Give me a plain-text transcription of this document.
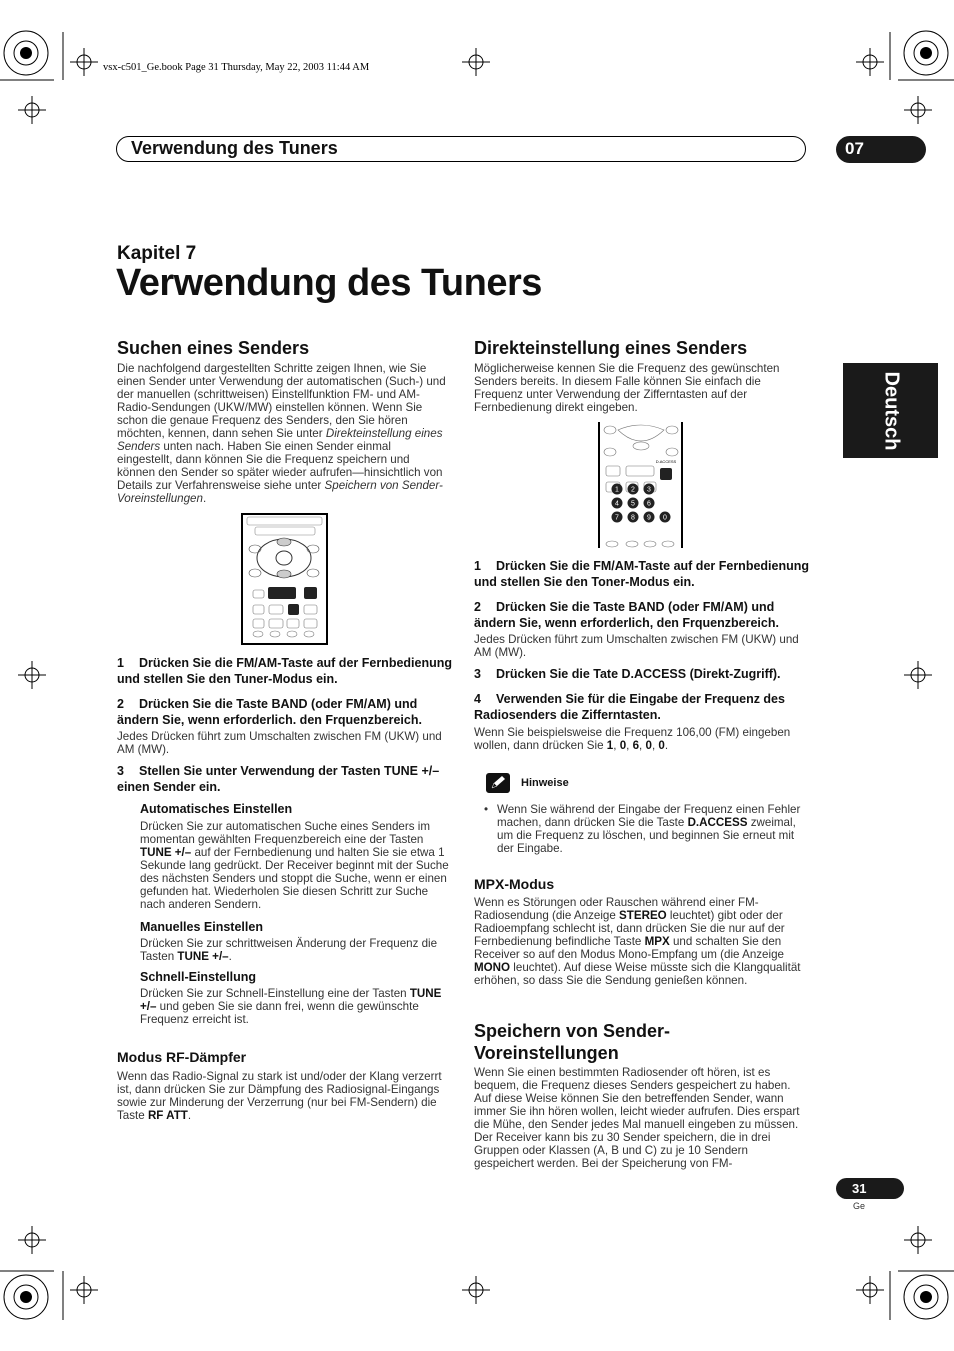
vsx-c501_Ge.book Page 31 Thursday, May 22, 2003 11:44 AM
Verwendung des Tuners	07
Kapitel 7
Verwendung des Tuners
Deutsch
Suchen eines Senders

Die nachfolgend dargestellten Schritte zeigen Ihnen, wie Sie einen Sender unter Verwendung der automatischen (Such-) und der manuellen (schrittweisen) Einstellfunktion FM- und AM-Radio-Sendungen (UKW/MW) einstellen können. Wenn Sie schon die genaue Frequenz des Senders, den Sie hören möchten, kennen, dann sehen Sie unter Direkteinstellung eines Senders unten nach. Haben Sie einen Sender einmal eingestellt, dann können Sie die Frequenz speichern und können den Sender so später wieder aufrufen—hinsichtlich von Details zur Verfahrensweise siehe unter Speichern von Sender-Voreinstellungen.

1 Drücken Sie die FM/AM-Taste auf der Fernbedienung und stellen Sie den Tuner-Modus ein.

2 Drücken Sie die Taste BAND (oder FM/AM) und ändern Sie, wenn erforderlich. den Frquenzbereich.

Jedes Drücken führt zum Umschalten zwischen FM (UKW) und AM (MW).

3 Stellen Sie unter Verwendung der Tasten TUNE +/– einen Sender ein.

Automatisches Einstellen

Drücken Sie zur automatischen Suche eines Senders im momentan gewählten Frequenzbereich eine der Tasten TUNE +/– auf der Fernbedienung und halten Sie sie etwa 1 Sekunde lang gedrückt. Der Receiver beginnt mit der Suche des nächsten Senders und stoppt die Suche, wenn er einen gefunden hat. Wiederholen Sie diesen Schritt zur Suche nach anderen Sendern.

Manuelles Einstellen

Drücken Sie zur schrittweisen Änderung der Frequenz die Tasten TUNE +/–.

Schnell-Einstellung

Drücken Sie zur Schnell-Einstellung eine der Tasten TUNE +/– und geben Sie sie dann frei, wenn die gewünschte Frequenz erreicht ist.

Modus RF-Dämpfer

Wenn das Radio-Signal zu stark ist und/oder der Klang verzerrt ist, dann drücken Sie zur Dämpfung des Radiosignal-Eingangs sowie zur Minderung der Verzerrung (nur bei FM-Sendern) die Taste RF ATT.

Direkteinstellung eines Senders

Möglicherweise kennen Sie die Frequenz des gewünschten Senders bereits. In diesem Falle können Sie einfach die Frequenz unter Verwendung der Zifferntasten auf der Fernbedienung direkt eingeben.

D.ACCESS
1 2 3
4 5 6
7 8 9 0

1 Drücken Sie die FM/AM-Taste auf der Fernbedienung und stellen Sie den Toner-Modus ein.

2 Drücken Sie die Taste BAND (oder FM/AM) und ändern Sie, wenn erforderlich, den Frquenzbereich.

Jedes Drücken führt zum Umschalten zwischen FM (UKW) und AM (MW).

3 Drücken Sie die Tate D.ACCESS (Direkt-Zugriff).

4 Verwenden Sie für die Eingabe der Frequenz des Radiosenders die Zifferntasten.

Wenn Sie beispielsweise die Frequenz 106,00 (FM) eingeben wollen, dann drücken Sie 1, 0, 6, 0, 0.

Hinweise
• Wenn Sie während der Eingabe der Frequenz einen Fehler machen, dann drücken Sie die Taste D.ACCESS zweimal, um die Frequenz zu löschen, und beginnen Sie erneut mit der Eingabe.
MPX-Modus

Wenn es Störungen oder Rauschen während einer FM-Radiosendung (die Anzeige STEREO leuchtet) gibt oder der Radioempfang schlecht ist, dann drücken Sie die nur auf der Fernbedienung befindliche Taste MPX und schalten Sie den Receiver so auf den Modus Mono-Empfang um (die Anzeige MONO leuchtet). Auf diese Weise müsste sich die Klangqualität erhöhen, so dass Sie die Sendung genießen können.

Speichern von Sender-
Voreinstellungen

Wenn Sie einen bestimmten Radiosender oft hören, ist es bequem, die Frequenz dieses Senders gespeichert zu haben. Auf diese Weise können Sie den betreffenden Sender, wann immer Sie ihn hören wollen, leicht wieder aufrufen. Dies erspart die Mühe, den Sender jedes Mal manuell eingeben zu müssen. Der Receiver kann bis zu 30 Sender speichern, die in drei Gruppen oder Klassen (A, B und C) zu je 10 Sendern gespeichert werden. Bei der Speicherung von FM-

31
Ge
